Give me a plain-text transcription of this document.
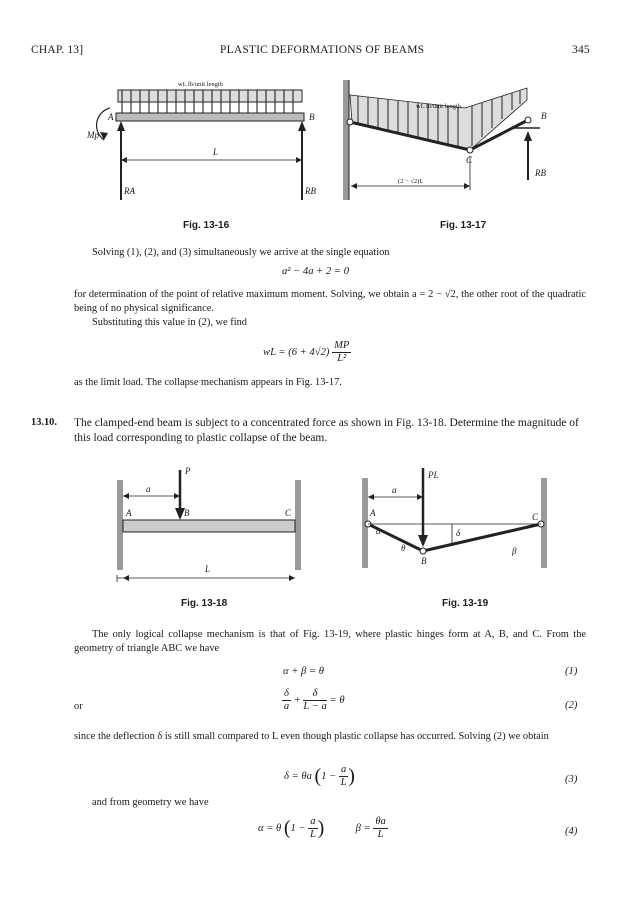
CHAP. 13]	PLASTIC DEFORMATIONS OF BEAMS	345
wL lb/unit length
A	B
Mp
L
RA	RB
Fig. 13-16
wL lb/unit length
B
C
RB
(2 − √2)L
Fig. 13-17
Solving (1), (2), and (3) simultaneously we arrive at the single equation
a² − 4a + 2 = 0
for determination of the point of relative maximum moment. Solving, we obtain a = 2 − √2, the other root of the quadratic being of no physical significance.
Substituting this value in (2), we find
wL = $(6 + 4√2) \frac{MP}{\text{L²}}$
as the limit load. The collapse mechanism appears in Fig. 13-17.
13.10. The clamped-end beam is subject to a concentrated force as shown in Fig. 13-18. Determine the magnitude of this load corresponding to plastic collapse of the beam.
P
a
A	B	C
L
Fig. 13-18
PL
a
A
B
C
δ
α
β
θ
Fig. 13-19
The only logical collapse mechanism is that of Fig. 13-19, where plastic hinges form at A, B, and C. From the geometry of triangle ABC we have
α + β = θ	(1)
or	$\frac{\delta}{a} + \frac{\delta}{L - a} = \theta$	(2)
since the deflection δ is still small compared to L even though plastic collapse has occurred. Solving (2) we obtain
δ = θa ($1 - \frac{a}{L}$ )	(3)
and from geometry we have
α = θ ($1 - \frac{a}{L}$ )	$\beta = \frac{\theta a}{L}$	(4)
